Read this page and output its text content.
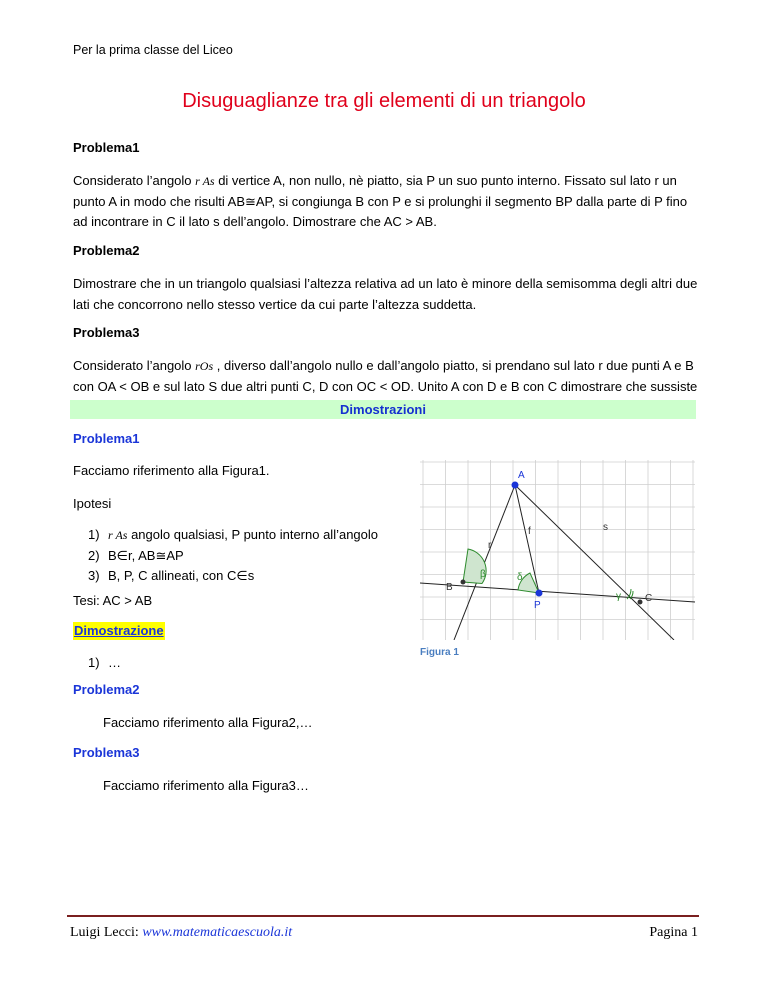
Per la prima classe del Liceo
Disuguaglianze tra gli elementi di un triangolo
Problema1
Considerato l’angolo r As di vertice A, non nullo, nè piatto, sia P un suo punto interno. Fissato sul lato r un punto A in modo che risulti AB≅AP, si congiunga B con P e si prolunghi il segmento BP dalla parte di P fino ad incontrare in C il lato s dell’angolo. Dimostrare che AC > AB.
Problema2
Dimostrare che in un triangolo qualsiasi l’altezza relativa ad un lato è minore della semisomma degli altri due lati che concorrono nello stesso vertice da cui parte l’altezza suddetta.
Problema3
Considerato l’angolo rOs , diverso dall’angolo nullo e dall’angolo piatto, si prendano sul lato r due punti A e B con OA < OB e sul lato S due altri punti C, D con OC < OD. Unito A con D e B con C dimostrare che sussiste
Dimostrazioni
Problema1
Facciamo riferimento alla Figura1.
Ipotesi
1) r As angolo qualsiasi, P punto interno all’angolo
2) B∈r, AB≅AP
3) B, P, C allineati, con C∈s
Tesi: AC > AB
Dimostrazione
1) …
A
s
f
r
β	δ
B
γ C
P
Figura 1
Problema2
Facciamo riferimento alla Figura2,…
Problema3
Facciamo riferimento alla Figura3…
Luigi Lecci: www.matematicaescuola.it	Pagina 1
